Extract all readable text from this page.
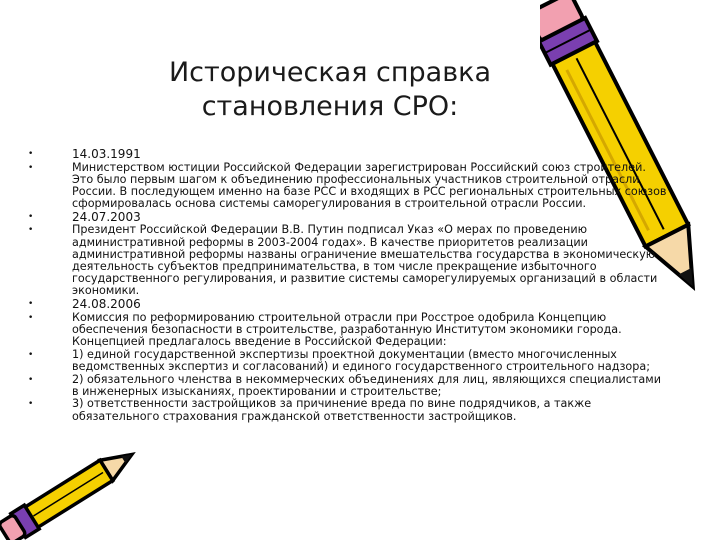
Историческая справка
становления СРО:
•	14.03.1991
•	Министерством юстиции Российской Федерации зарегистрирован Российский союз строителей. Это было первым шагом к объединению профессиональных участников строительной отрасли России. В последующем именно на базе РСС и входящих в РСС региональных строительных союзов сформировалась основа системы саморегулирования в строительной отрасли России.
•	24.07.2003
•	Президент Российской Федерации В.В. Путин подписал Указ «О мерах по проведению административной реформы в 2003-2004 годах». В качестве приоритетов реализации административной реформы названы ограничение вмешательства государства в экономическую деятельность субъектов предпринимательства, в том числе прекращение избыточного государственного регулирования, и развитие системы саморегулируемых организаций в области экономики.
•	24.08.2006
•	Комиссия по реформированию строительной отрасли при Росстрое одобрила Концепцию обеспечения безопасности в строительстве, разработанную Институтом экономики города. Концепцией предлагалось введение в Российской Федерации:
•	1) единой государственной экспертизы проектной документации (вместо многочисленных ведомственных экспертиз и согласований) и единого государственного строительного надзора;
•	2) обязательного членства в некоммерческих объединениях для лиц, являющихся специалистами в инженерных изысканиях, проектировании и строительстве;
•	3) ответственности застройщиков за причинение вреда по вине подрядчиков, а также обязательного страхования гражданской ответственности застройщиков.
